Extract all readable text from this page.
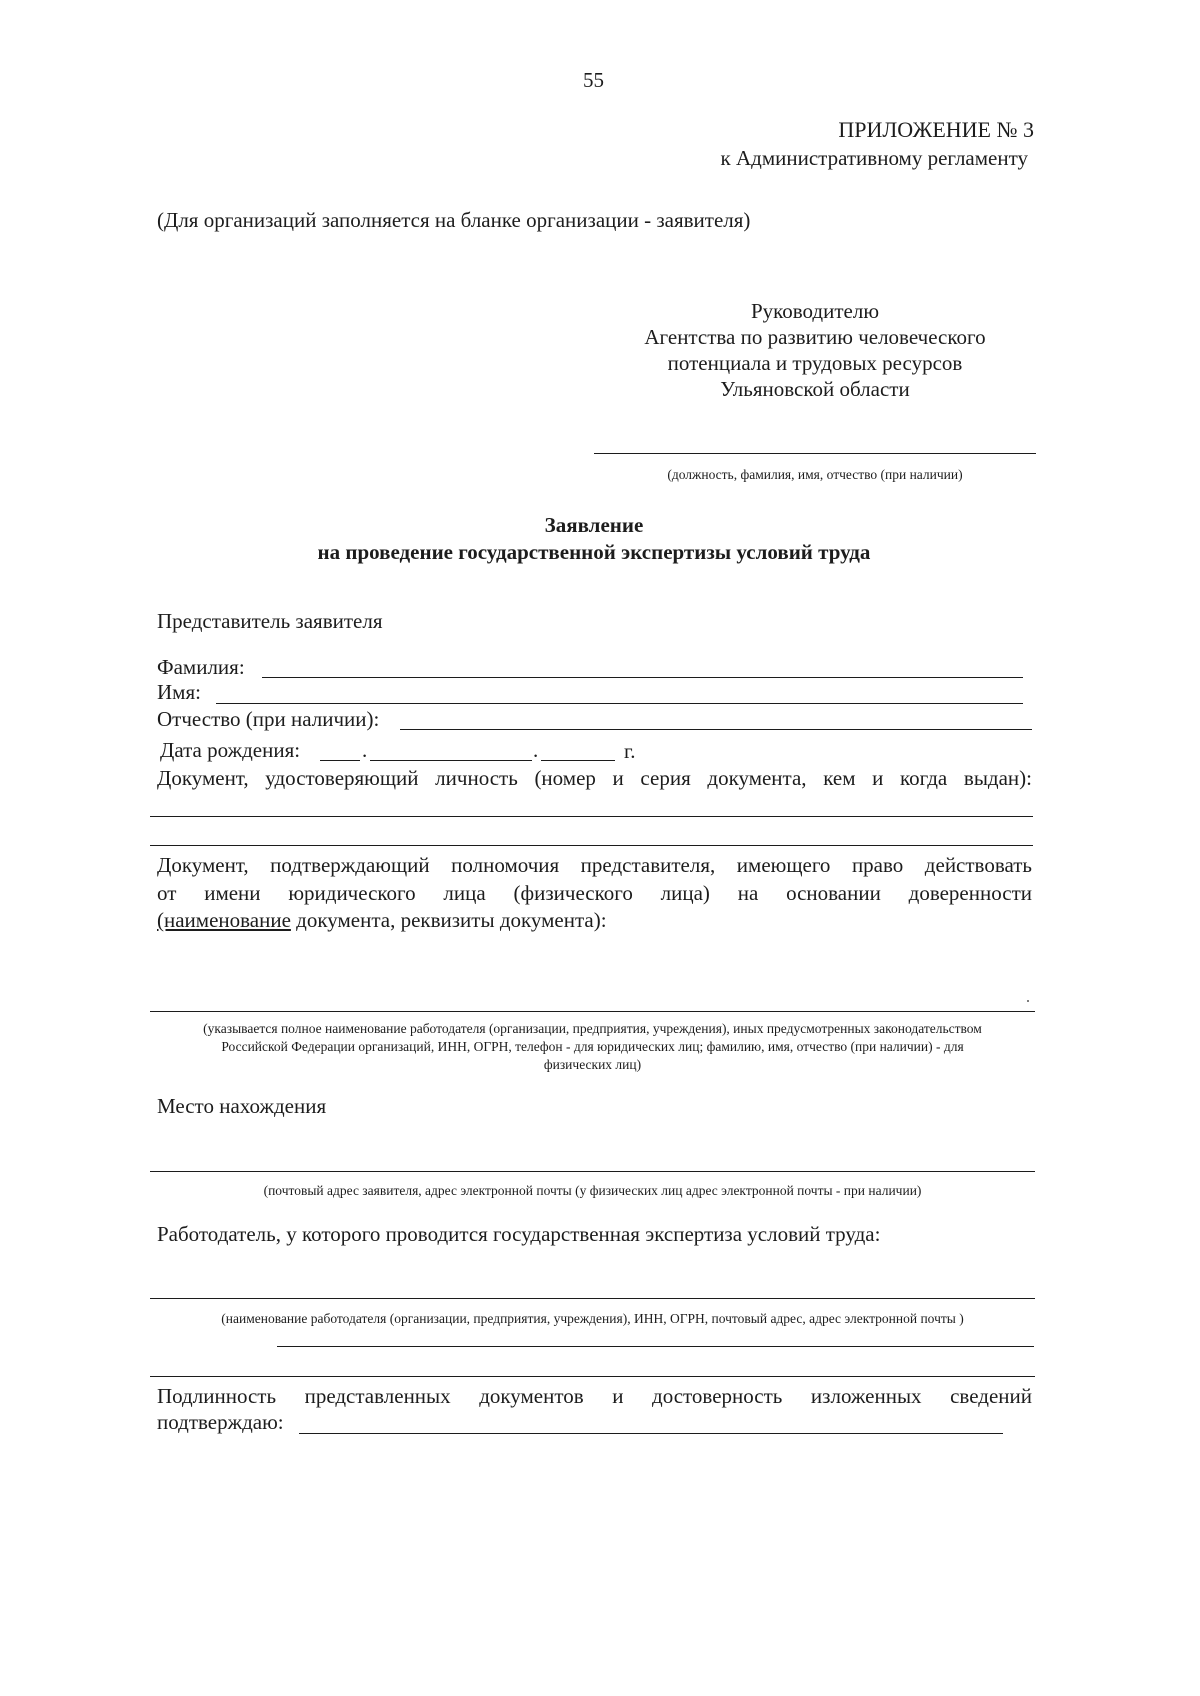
55
ПРИЛОЖЕНИЕ № 3
к Административному регламенту
(Для организаций заполняется на бланке организации - заявителя)
Руководителю
Агентства по развитию человеческого
потенциала и трудовых ресурсов
Ульяновской области
(должность, фамилия, имя, отчество (при наличии)
Заявление
на проведение государственной экспертизы условий труда
Представитель заявителя
Фамилия:
Имя:
Отчество (при наличии):
Дата рождения:	.	.	г.
Документ, удостоверяющий личность (номер и серия документа, кем и когда выдан):
Документ, подтверждающий полномочия представителя, имеющего право действовать
от имени юридического лица (физического лица) на основании доверенности
(наименование документа, реквизиты документа):
(указывается полное наименование работодателя (организации, предприятия, учреждения), иных предусмотренных законодательством
Российской Федерации организаций, ИНН, ОГРН, телефон - для юридических лиц; фамилию, имя, отчество (при наличии) - для
физических лиц)
Место нахождения
(почтовый адрес заявителя, адрес электронной почты (у физических лиц адрес электронной почты - при наличии)
Работодатель, у которого проводится государственная экспертиза условий труда:
(наименование работодателя (организации, предприятия, учреждения), ИНН, ОГРН, почтовый адрес, адрес электронной почты )
Подлинность представленных документов и достоверность изложенных сведений
подтверждаю:
